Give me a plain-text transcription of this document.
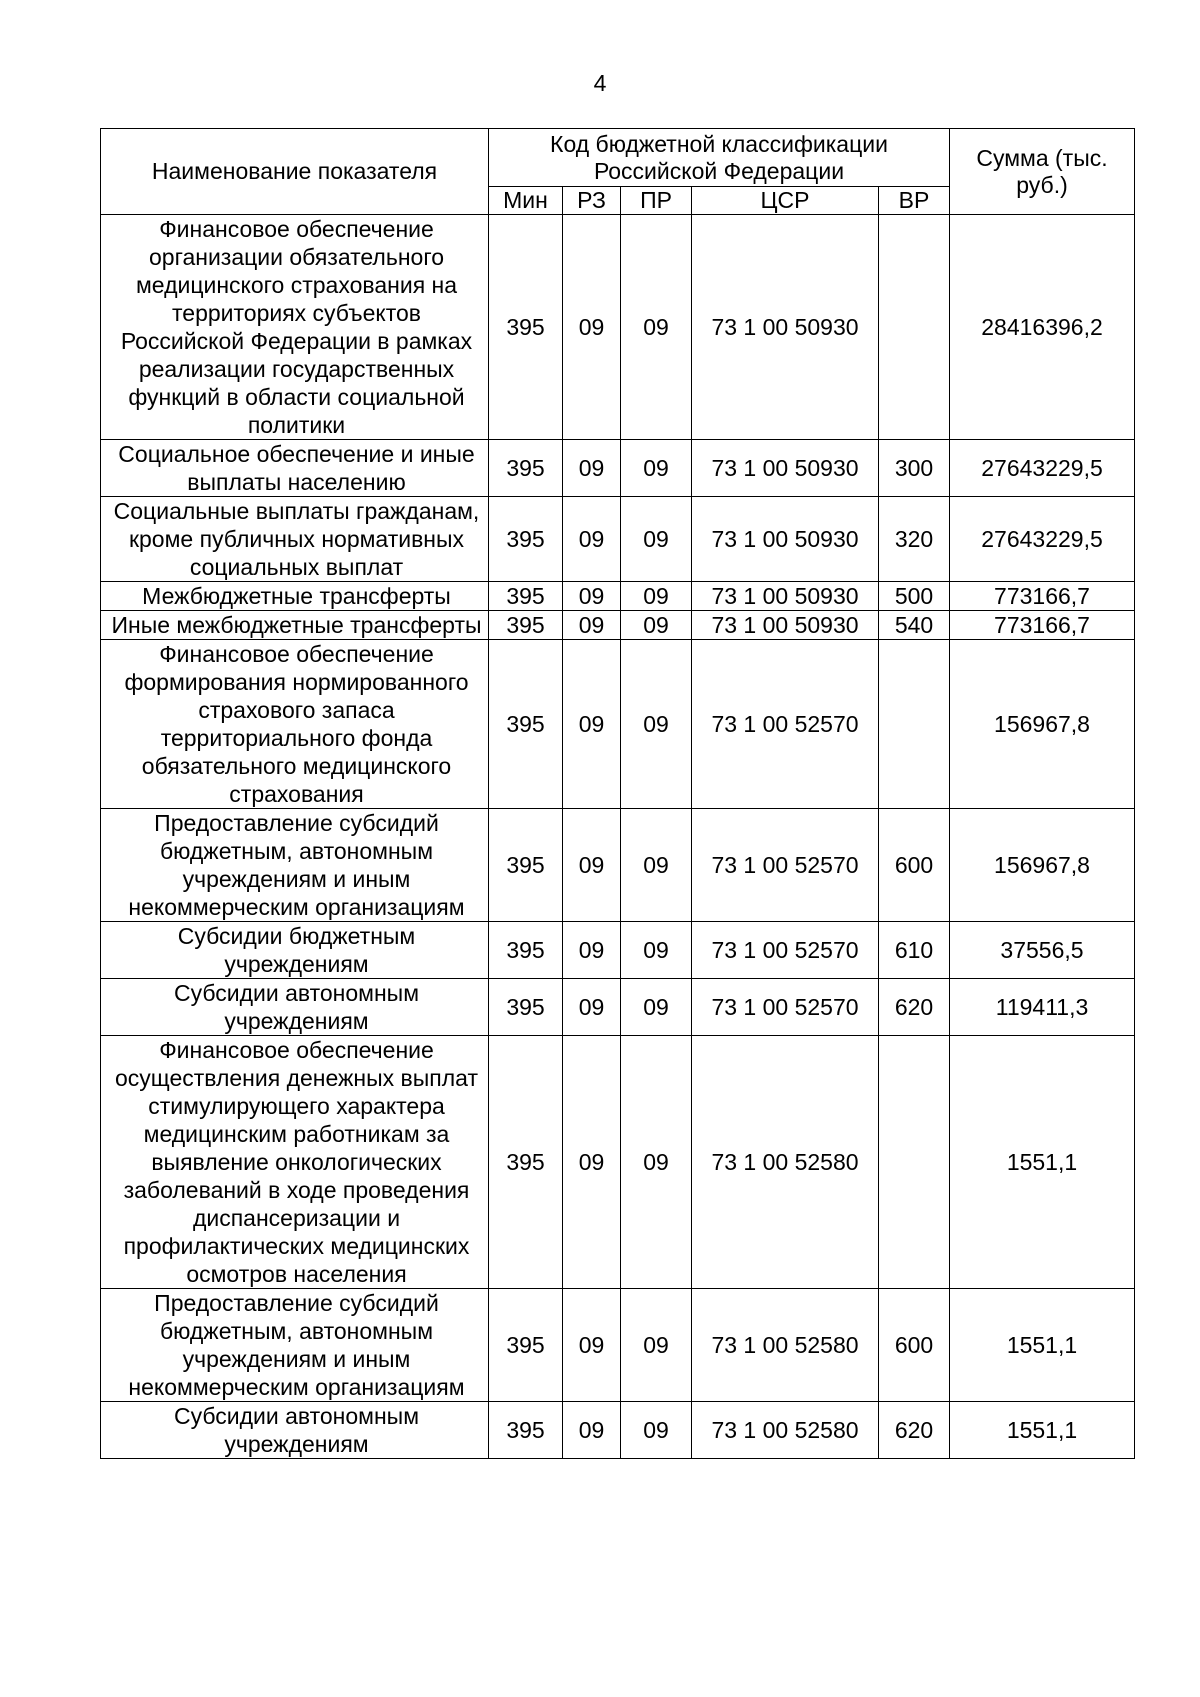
4
Наименование показателя	Код бюджетной классификации Российской Федерации					Сумма (тыс. руб.)
	Мин	РЗ	ПР	ЦСР	ВР	
Финансовое обеспечение организации обязательного медицинского страхования на территориях субъектов Российской Федерации в рамках реализации государственных функций в области социальной политики	395	09	09	73 1 00 50930		28416396,2
Социальное обеспечение и иные выплаты населению	395	09	09	73 1 00 50930	300	27643229,5
Социальные выплаты гражданам, кроме публичных нормативных социальных выплат	395	09	09	73 1 00 50930	320	27643229,5
Межбюджетные трансферты	395	09	09	73 1 00 50930	500	773166,7
Иные межбюджетные трансферты	395	09	09	73 1 00 50930	540	773166,7
Финансовое обеспечение формирования нормированного страхового запаса территориального фонда обязательного медицинского страхования	395	09	09	73 1 00 52570		156967,8
Предоставление субсидий бюджетным, автономным учреждениям и иным некоммерческим организациям	395	09	09	73 1 00 52570	600	156967,8
Субсидии бюджетным учреждениям	395	09	09	73 1 00 52570	610	37556,5
Субсидии автономным учреждениям	395	09	09	73 1 00 52570	620	119411,3
Финансовое обеспечение осуществления денежных выплат стимулирующего характера медицинским работникам за выявление онкологических заболеваний в ходе проведения диспансеризации и профилактических медицинских осмотров населения	395	09	09	73 1 00 52580		1551,1
Предоставление субсидий бюджетным, автономным учреждениям и иным некоммерческим организациям	395	09	09	73 1 00 52580	600	1551,1
Субсидии автономным учреждениям	395	09	09	73 1 00 52580	620	1551,1
